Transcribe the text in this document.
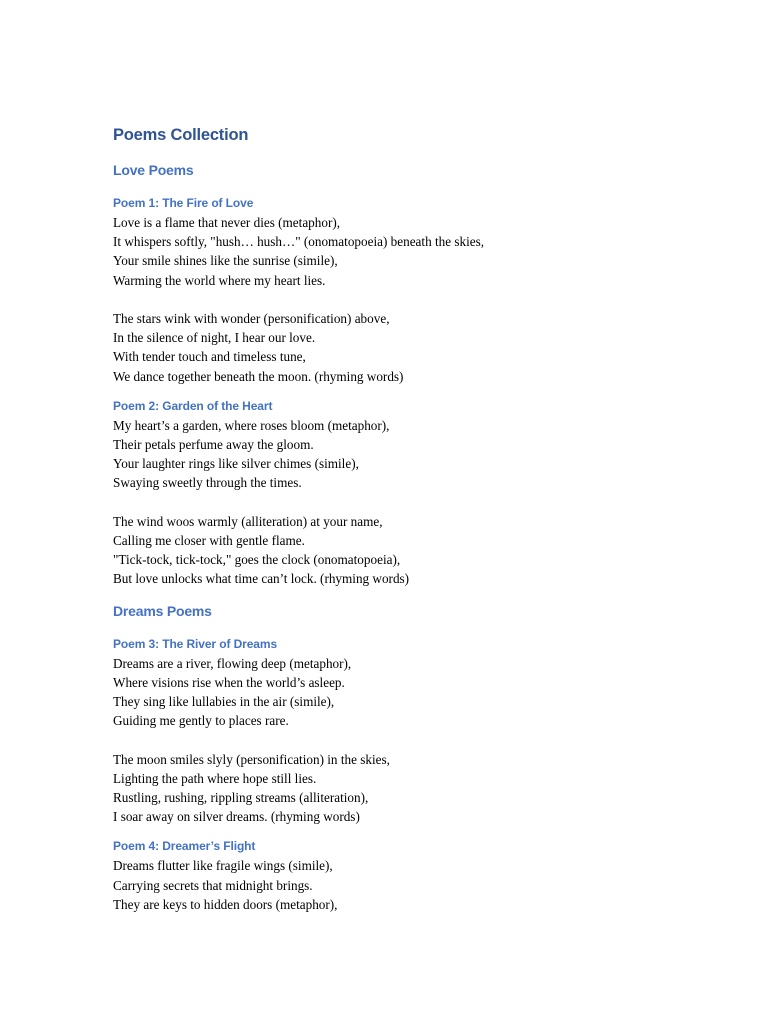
Poems Collection
Love Poems
Poem 1: The Fire of Love
Love is a flame that never dies (metaphor),
It whispers softly, "hush… hush…" (onomatopoeia) beneath the skies,
Your smile shines like the sunrise (simile),
Warming the world where my heart lies.
The stars wink with wonder (personification) above,
In the silence of night, I hear our love.
With tender touch and timeless tune,
We dance together beneath the moon. (rhyming words)
Poem 2: Garden of the Heart
My heart’s a garden, where roses bloom (metaphor),
Their petals perfume away the gloom.
Your laughter rings like silver chimes (simile),
Swaying sweetly through the times.
The wind woos warmly (alliteration) at your name,
Calling me closer with gentle flame.
"Tick-tock, tick-tock," goes the clock (onomatopoeia),
But love unlocks what time can’t lock. (rhyming words)
Dreams Poems
Poem 3: The River of Dreams
Dreams are a river, flowing deep (metaphor),
Where visions rise when the world’s asleep.
They sing like lullabies in the air (simile),
Guiding me gently to places rare.
The moon smiles slyly (personification) in the skies,
Lighting the path where hope still lies.
Rustling, rushing, rippling streams (alliteration),
I soar away on silver dreams. (rhyming words)
Poem 4: Dreamer’s Flight
Dreams flutter like fragile wings (simile),
Carrying secrets that midnight brings.
They are keys to hidden doors (metaphor),
